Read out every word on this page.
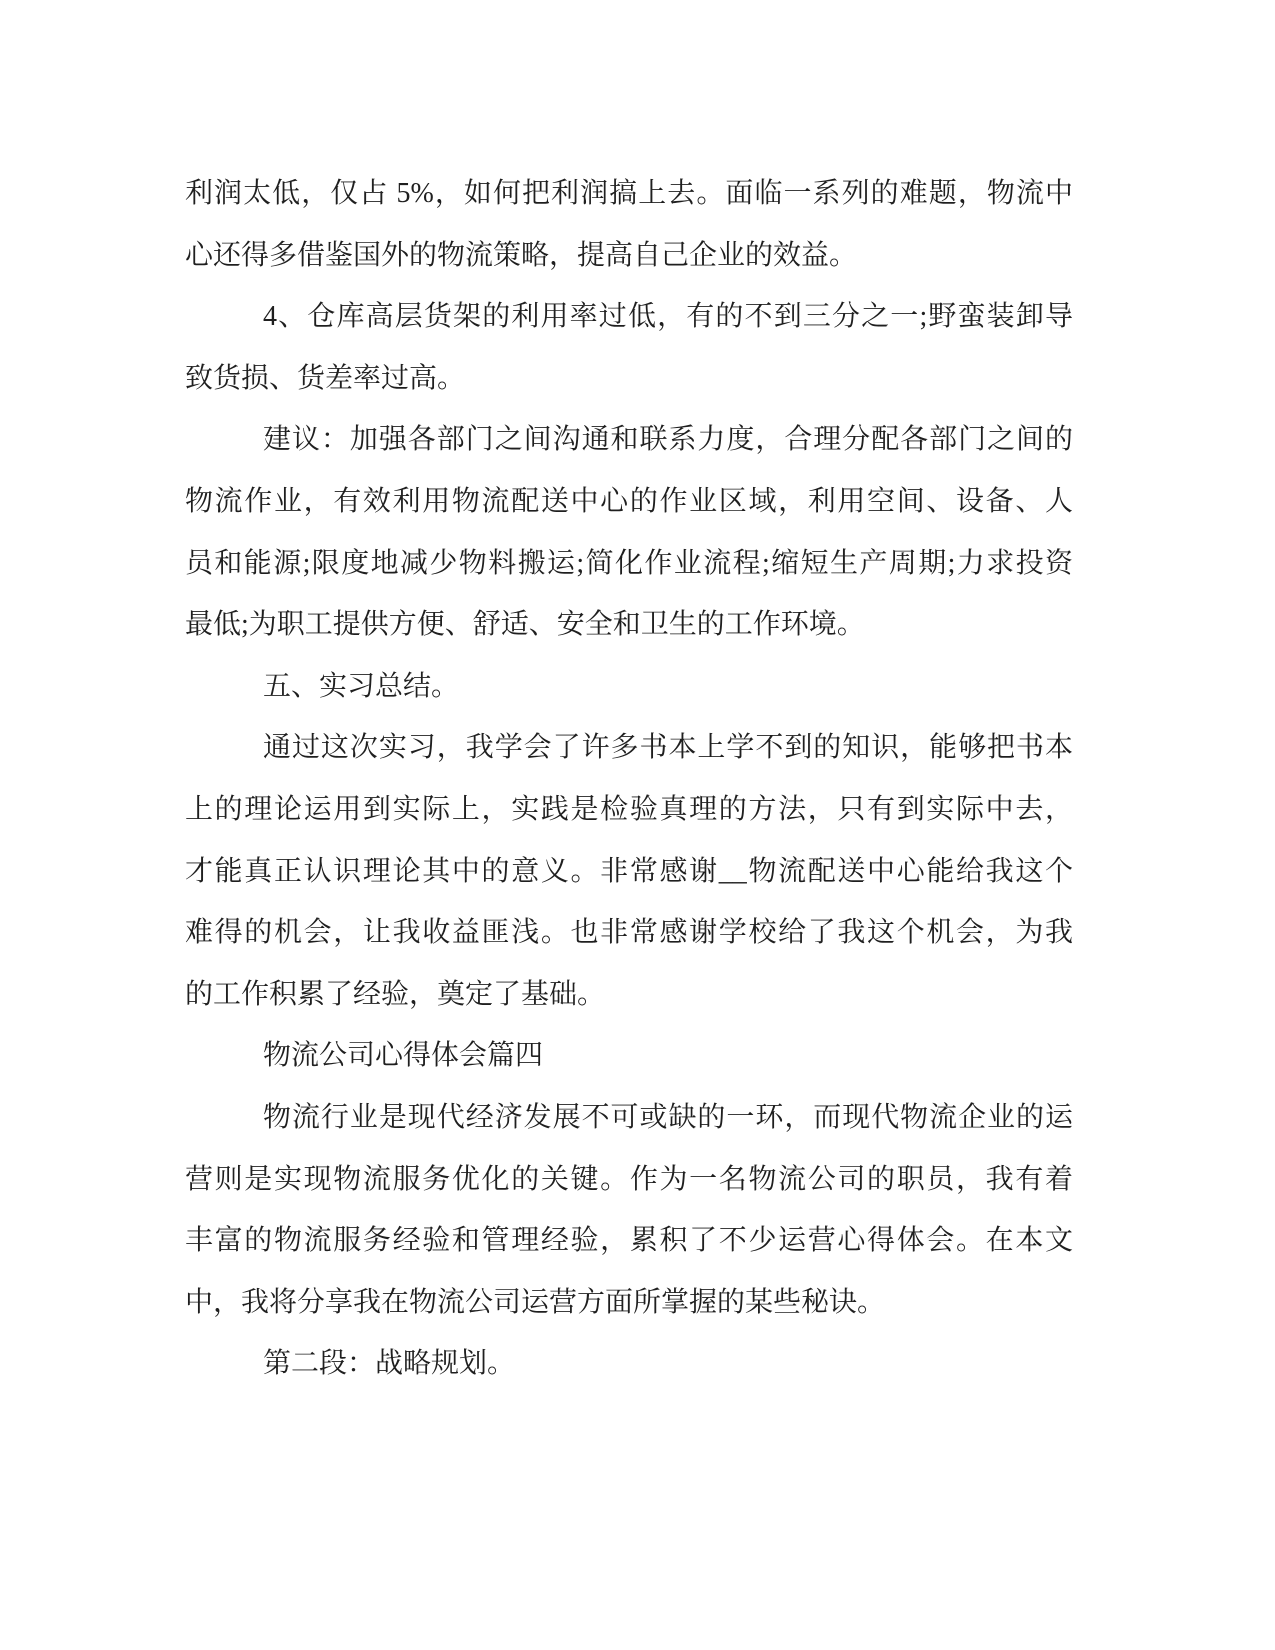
利润太低，仅占 5%，如何把利润搞上去。面临一系列的难题，物流中

心还得多借鉴国外的物流策略，提高自己企业的效益。

4、仓库高层货架的利用率过低，有的不到三分之一;野蛮装卸导

致货损、货差率过高。

建议：加强各部门之间沟通和联系力度，合理分配各部门之间的

物流作业，有效利用物流配送中心的作业区域，利用空间、设备、人

员和能源;限度地减少物料搬运;简化作业流程;缩短生产周期;力求投资

最低;为职工提供方便、舒适、安全和卫生的工作环境。

五、实习总结。

通过这次实习，我学会了许多书本上学不到的知识，能够把书本

上的理论运用到实际上，实践是检验真理的方法，只有到实际中去，

才能真正认识理论其中的意义。非常感谢__物流配送中心能给我这个

难得的机会，让我收益匪浅。也非常感谢学校给了我这个机会，为我

的工作积累了经验，奠定了基础。

物流公司心得体会篇四

物流行业是现代经济发展不可或缺的一环，而现代物流企业的运

营则是实现物流服务优化的关键。作为一名物流公司的职员，我有着

丰富的物流服务经验和管理经验，累积了不少运营心得体会。在本文

中，我将分享我在物流公司运营方面所掌握的某些秘诀。

第二段：战略规划。
